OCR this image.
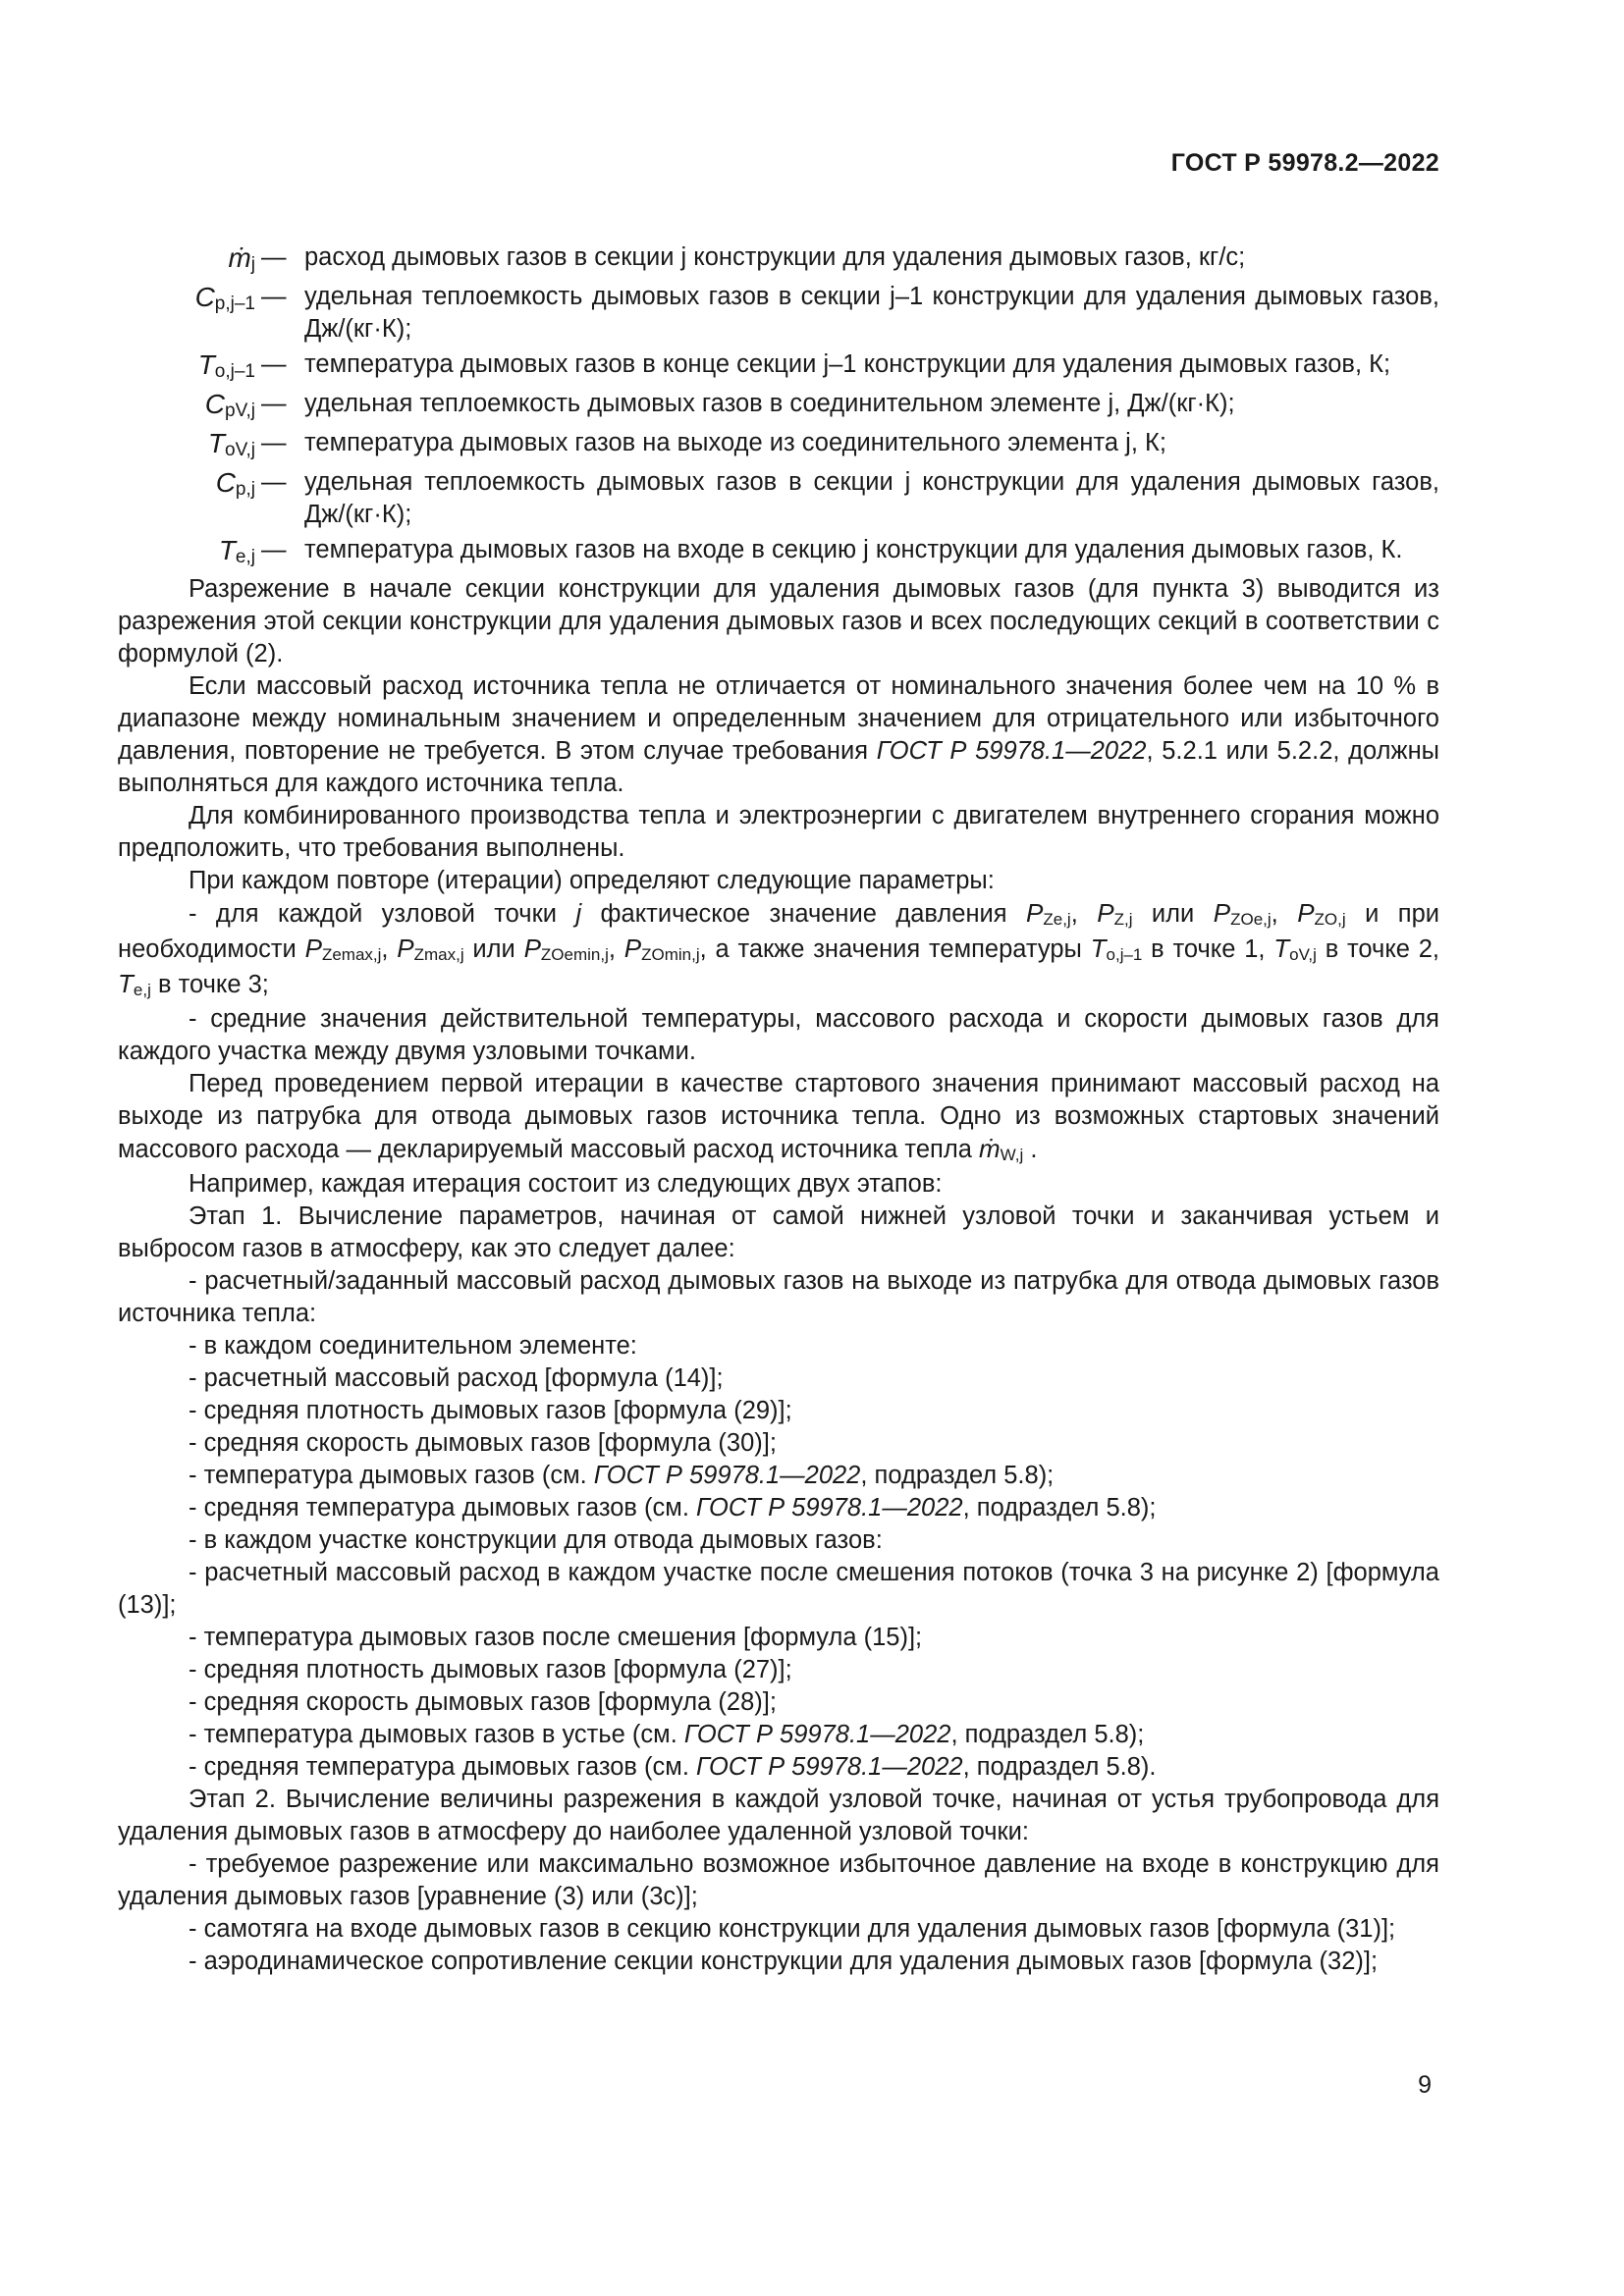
ГОСТ Р 59978.2—2022
ṁ$_j$ — расход дымовых газов в секции j конструкции для удаления дымовых газов, кг/с;
$C_{p,j-1}$ — удельная теплоемкость дымовых газов в секции j–1 конструкции для удаления дымовых газов, Дж/(кг·К);
$T_{o,j-1}$ — температура дымовых газов в конце секции j–1 конструкции для удаления дымовых газов, К;
$C_{pV,j}$ — удельная теплоемкость дымовых газов в соединительном элементе j, Дж/(кг·К);
$T_{oV,j}$ — температура дымовых газов на выходе из соединительного элемента j, К;
$C_{p,j}$ — удельная теплоемкость дымовых газов в секции j конструкции для удаления дымовых газов, Дж/(кг·К);
$T_{e,j}$ — температура дымовых газов на входе в секцию j конструкции для удаления дымовых газов, К.

Разрежение в начале секции конструкции для удаления дымовых газов (для пункта 3) выводится из разрежения этой секции конструкции для удаления дымовых газов и всех последующих секций в соответствии с формулой (2).

Если массовый расход источника тепла не отличается от номинального значения более чем на 10 % в диапазоне между номинальным значением и определенным значением для отрицательного или избыточного давления, повторение не требуется. В этом случае требования ГОСТ Р 59978.1—2022, 5.2.1 или 5.2.2, должны выполняться для каждого источника тепла.

Для комбинированного производства тепла и электроэнергии с двигателем внутреннего сгорания можно предположить, что требования выполнены.

При каждом повторе (итерации) определяют следующие параметры:

- для каждой узловой точки j фактическое значение давления $P_{Ze,j}$, $P_{Z,j}$ или $P_{ZOe,j}$, $P_{ZO,j}$ и при необходимости $P_{Zemax,j}$, $P_{Zmax,j}$ или $P_{ZOemin,j}$, $P_{ZOmin,j}$, а также значения температуры $T_{o,j-1}$ в точке 1, $T_{oV,j}$ в точке 2, $T_{e,j}$ в точке 3;

- средние значения действительной температуры, массового расхода и скорости дымовых газов для каждого участка между двумя узловыми точками.

Перед проведением первой итерации в качестве стартового значения принимают массовый расход на выходе из патрубка для отвода дымовых газов источника тепла. Одно из возможных стартовых значений массового расхода — декларируемый массовый расход источника тепла ṁ$_{W,j}$ .

Например, каждая итерация состоит из следующих двух этапов:

Этап 1. Вычисление параметров, начиная от самой нижней узловой точки и заканчивая устьем и выбросом газов в атмосферу, как это следует далее:

- расчетный/заданный массовый расход дымовых газов на выходе из патрубка для отвода дымовых газов источника тепла:

- в каждом соединительном элементе:

- расчетный массовый расход [формула (14)];

- средняя плотность дымовых газов [формула (29)];

- средняя скорость дымовых газов [формула (30)];

- температура дымовых газов (см. ГОСТ Р 59978.1—2022, подраздел 5.8);

- средняя температура дымовых газов (см. ГОСТ Р 59978.1—2022, подраздел 5.8);

- в каждом участке конструкции для отвода дымовых газов:

- расчетный массовый расход в каждом участке после смешения потоков (точка 3 на рисунке 2) [формула (13)];

- температура дымовых газов после смешения [формула (15)];

- средняя плотность дымовых газов [формула (27)];

- средняя скорость дымовых газов [формула (28)];

- температура дымовых газов в устье (см. ГОСТ Р 59978.1—2022, подраздел 5.8);

- средняя температура дымовых газов (см. ГОСТ Р 59978.1—2022, подраздел 5.8).

Этап 2. Вычисление величины разрежения в каждой узловой точке, начиная от устья трубопровода для удаления дымовых газов в атмосферу до наиболее удаленной узловой точки:

- требуемое разрежение или максимально возможное избыточное давление на входе в конструкцию для удаления дымовых газов [уравнение (3) или (3с)];

- самотяга на входе дымовых газов в секцию конструкции для удаления дымовых газов [формула (31)];

- аэродинамическое сопротивление секции конструкции для удаления дымовых газов [формула (32)];

9
